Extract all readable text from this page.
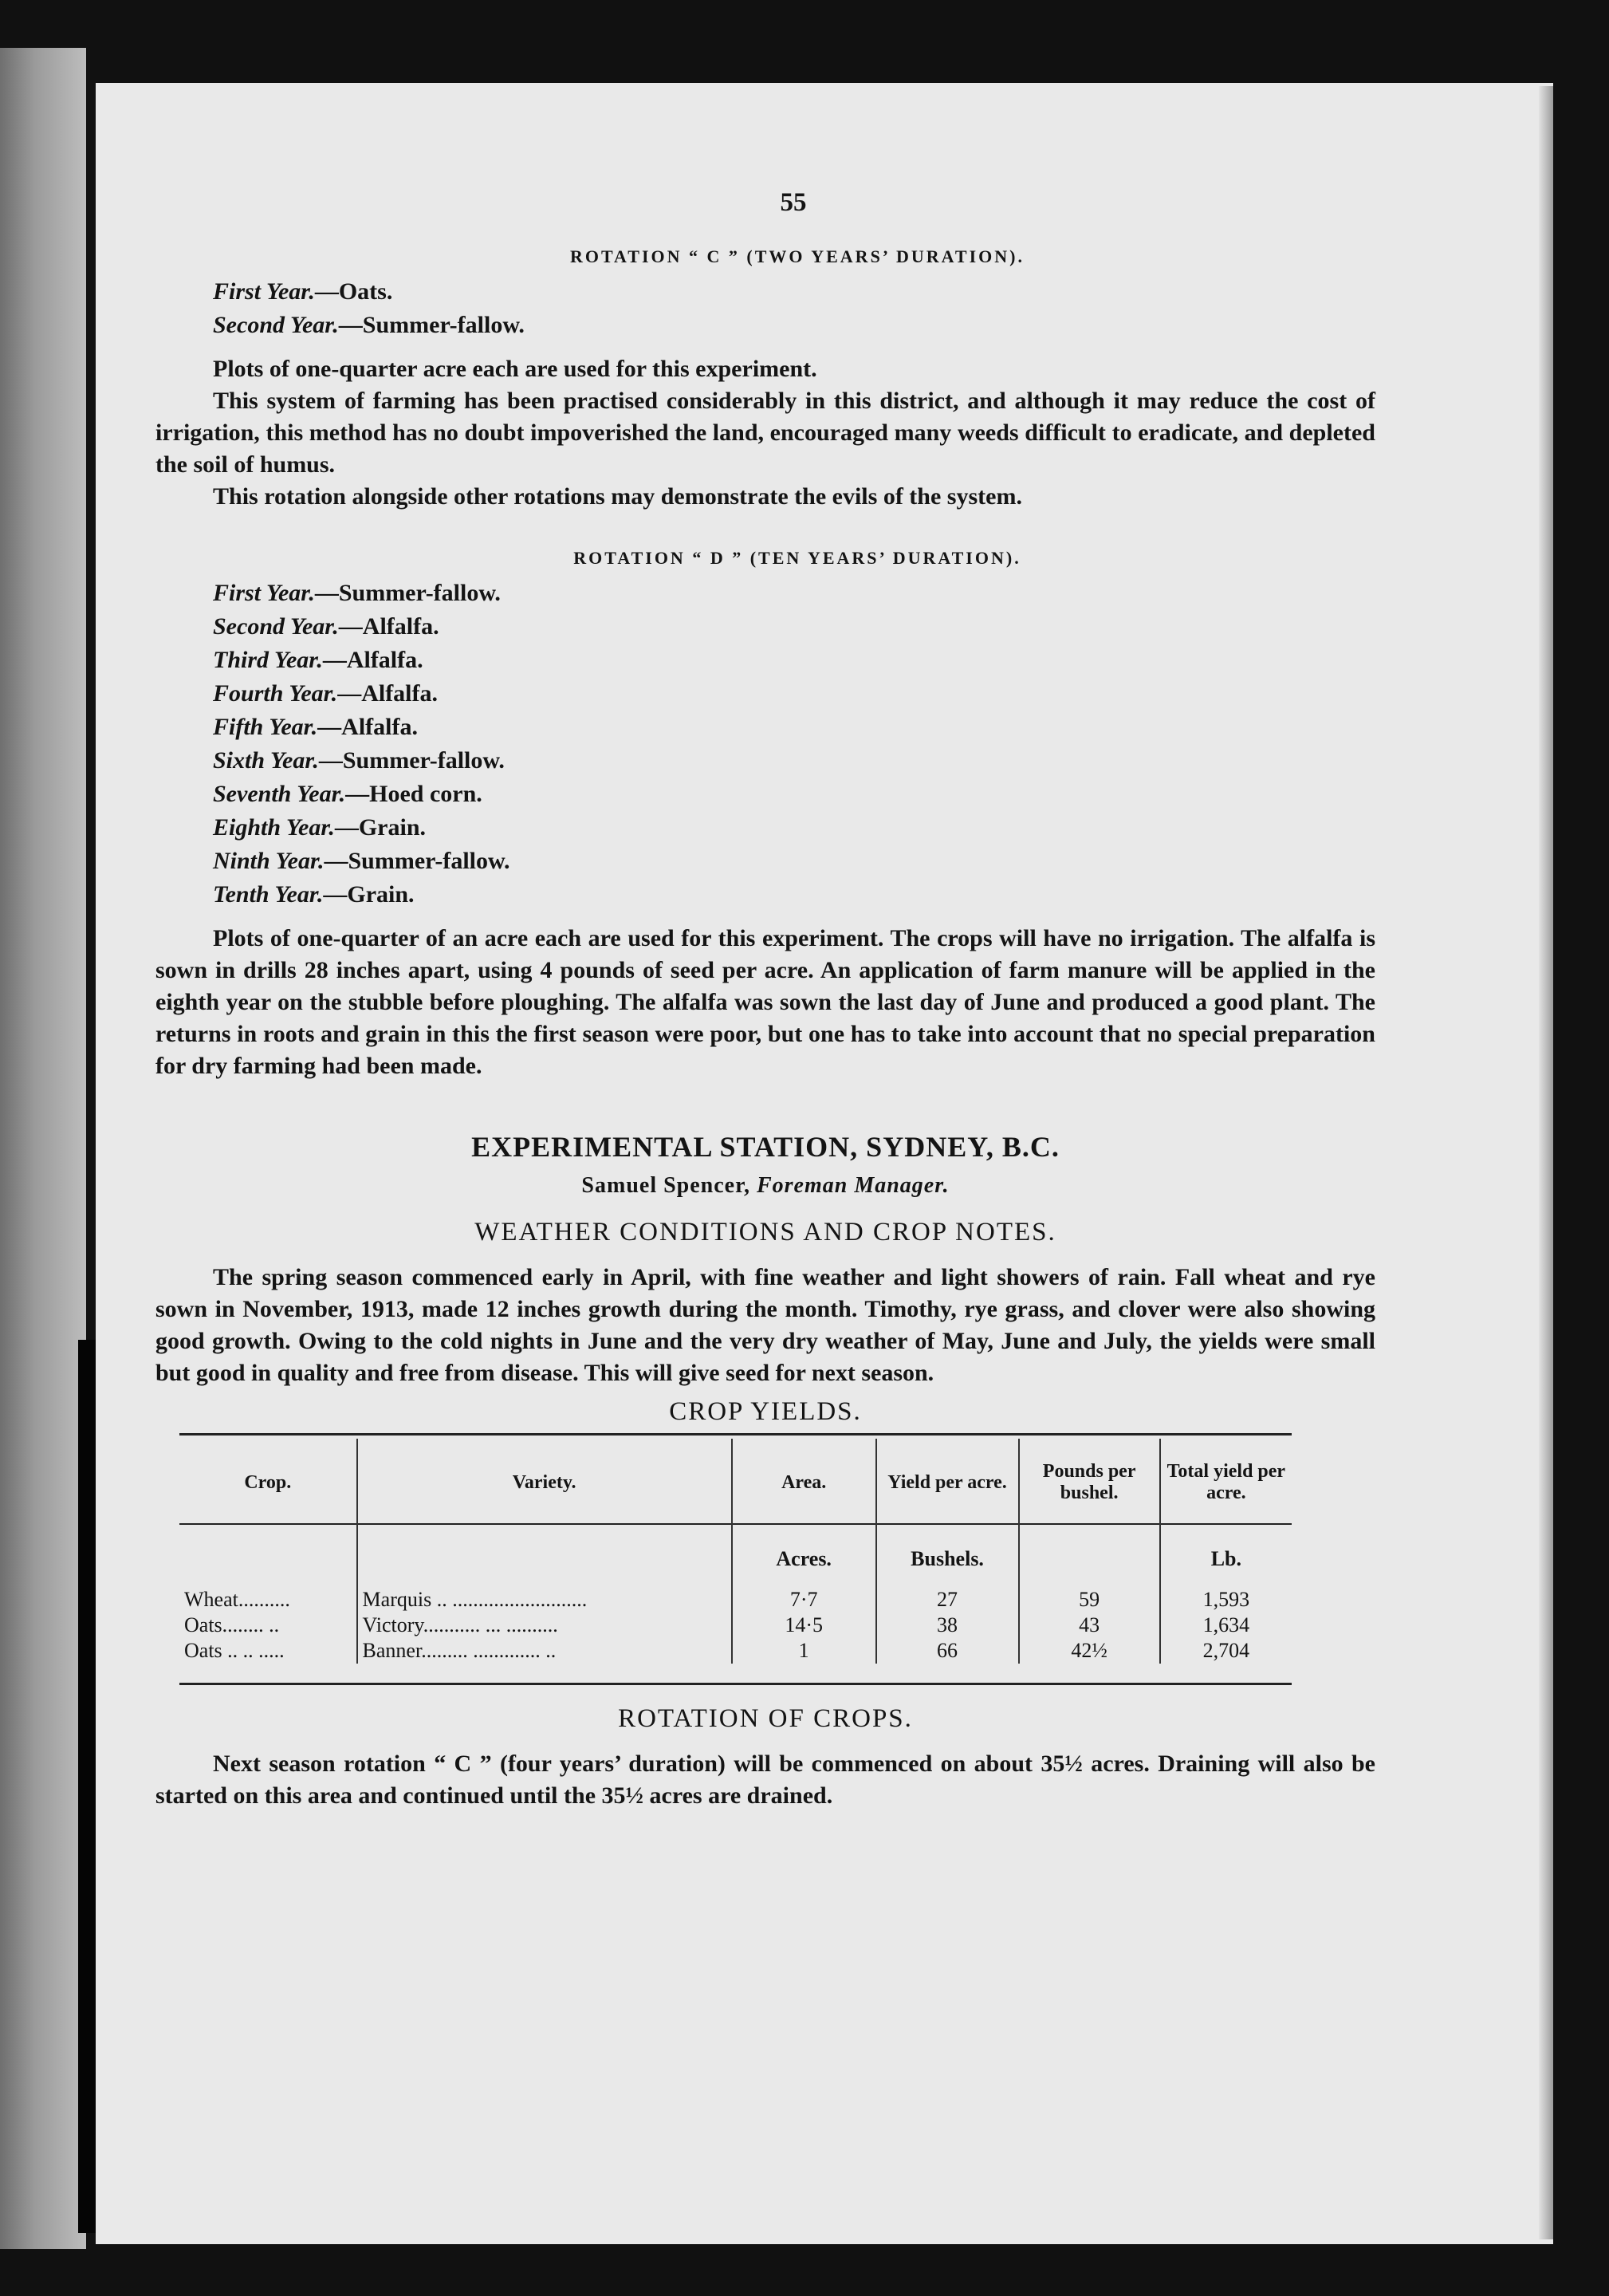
55
ROTATION “ C ” (TWO YEARS’ DURATION).
First Year.—Oats.
Second Year.—Summer-fallow.

Plots of one-quarter acre each are used for this experiment.

This system of farming has been practised considerably in this district, and although it may reduce the cost of irrigation, this method has no doubt impoverished the land, encouraged many weeds difficult to eradicate, and depleted the soil of humus.

This rotation alongside other rotations may demonstrate the evils of the system.

ROTATION “ D ” (TEN YEARS’ DURATION).
First Year.—Summer-fallow.
Second Year.—Alfalfa.
Third Year.—Alfalfa.
Fourth Year.—Alfalfa.
Fifth Year.—Alfalfa.
Sixth Year.—Summer-fallow.
Seventh Year.—Hoed corn.
Eighth Year.—Grain.
Ninth Year.—Summer-fallow.
Tenth Year.—Grain.

Plots of one-quarter of an acre each are used for this experiment. The crops will have no irrigation. The alfalfa is sown in drills 28 inches apart, using 4 pounds of seed per acre. An application of farm manure will be applied in the eighth year on the stubble before ploughing. The alfalfa was sown the last day of June and produced a good plant. The returns in roots and grain in this the first season were poor, but one has to take into account that no special preparation for dry farming had been made.

EXPERIMENTAL STATION, SYDNEY, B.C.
Samuel Spencer, Foreman Manager.
WEATHER CONDITIONS AND CROP NOTES.

The spring season commenced early in April, with fine weather and light showers of rain. Fall wheat and rye sown in November, 1913, made 12 inches growth during the month. Timothy, rye grass, and clover were also showing good growth. Owing to the cold nights in June and the very dry weather of May, June and July, the yields were small but good in quality and free from disease. This will give seed for next season.

CROP YIELDS.

Crop.	Variety.	Area.	Yield per acre.	Pounds per bushel.	Total yield per acre.

		Acres.	Bushels.		Lb.
Wheat..........	Marquis .. ..........................	7·7	27	59	1,593
Oats........ ..	Victory........... ... ..........	14·5	38	43	1,634
Oats .. .. .....	Banner......... ............. ..	1	66	42½	2,704

ROTATION OF CROPS.

Next season rotation “ C ” (four years’ duration) will be commenced on about 35½ acres. Draining will also be started on this area and continued until the 35½ acres are drained.
